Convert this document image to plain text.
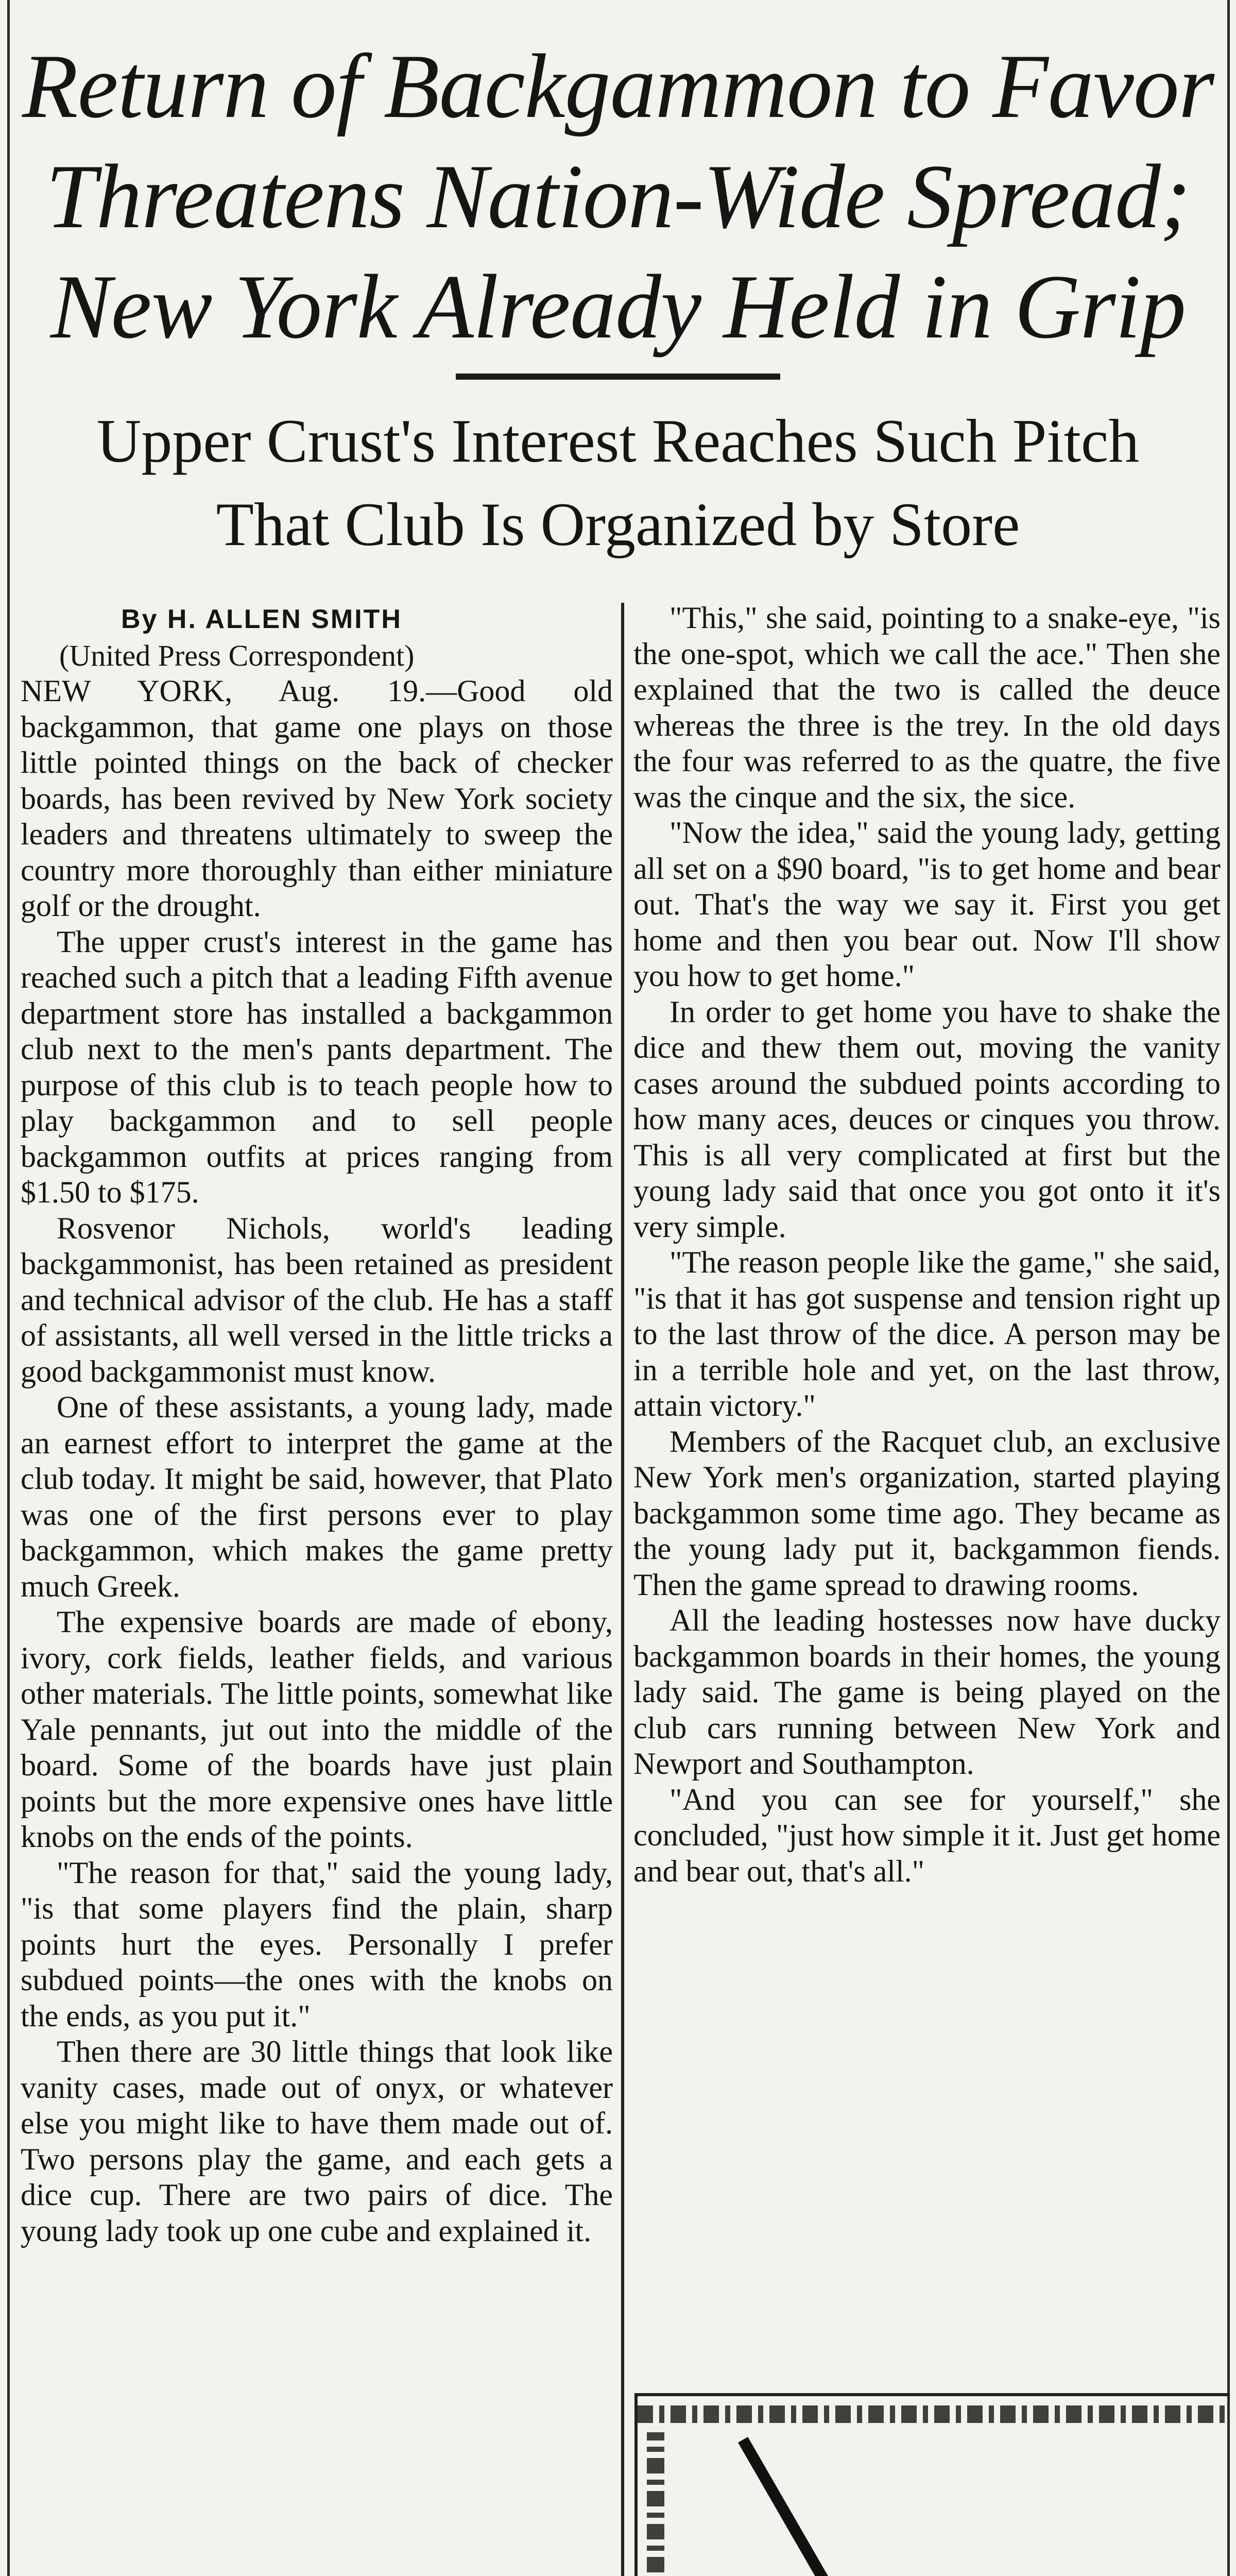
Return of Backgammon to Favor
Threatens Nation-Wide Spread;
New York Already Held in Grip
Upper Crust's Interest Reaches Such Pitch
That Club Is Organized by Store
By H. ALLEN SMITH
(United Press Correspondent)

NEW YORK, Aug. 19.—Good old backgammon, that game one plays on those little pointed things on the back of checker boards, has been revived by New York society leaders and threatens ultimately to sweep the country more thoroughly than either miniature golf or the drought.

The upper crust's interest in the game has reached such a pitch that a leading Fifth avenue department store has installed a backgammon club next to the men's pants department. The purpose of this club is to teach people how to play backgammon and to sell people backgammon outfits at prices ranging from $1.50 to $175.

Rosvenor Nichols, world's leading backgammonist, has been retained as president and technical advisor of the club. He has a staff of assistants, all well versed in the little tricks a good backgammonist must know.

One of these assistants, a young lady, made an earnest effort to interpret the game at the club today. It might be said, however, that Plato was one of the first persons ever to play backgammon, which makes the game pretty much Greek.

The expensive boards are made of ebony, ivory, cork fields, leather fields, and various other materials. The little points, somewhat like Yale pennants, jut out into the middle of the board. Some of the boards have just plain points but the more expensive ones have little knobs on the ends of the points.

"The reason for that," said the young lady, "is that some players find the plain, sharp points hurt the eyes. Personally I prefer subdued points—the ones with the knobs on the ends, as you put it."

Then there are 30 little things that look like vanity cases, made out of onyx, or whatever else you might like to have them made out of. Two persons play the game, and each gets a dice cup. There are two pairs of dice. The young lady took up one cube and explained it.

"This," she said, pointing to a snake-eye, "is the one-spot, which we call the ace." Then she explained that the two is called the deuce whereas the three is the trey. In the old days the four was referred to as the quatre, the five was the cinque and the six, the sice.

"Now the idea," said the young lady, getting all set on a $90 board, "is to get home and bear out. That's the way we say it. First you get home and then you bear out. Now I'll show you how to get home."

In order to get home you have to shake the dice and thew them out, moving the vanity cases around the subdued points according to how many aces, deuces or cinques you throw. This is all very complicated at first but the young lady said that once you got onto it it's very simple.

"The reason people like the game," she said, "is that it has got suspense and tension right up to the last throw of the dice. A person may be in a terrible hole and yet, on the last throw, attain victory."

Members of the Racquet club, an exclusive New York men's organization, started playing backgammon some time ago. They became as the young lady put it, backgammon fiends. Then the game spread to drawing rooms.

All the leading hostesses now have ducky backgammon boards in their homes, the young lady said. The game is being played on the club cars running between New York and Newport and Southampton.

"And you can see for yourself," she concluded, "just how simple it it. Just get home and bear out, that's all."
